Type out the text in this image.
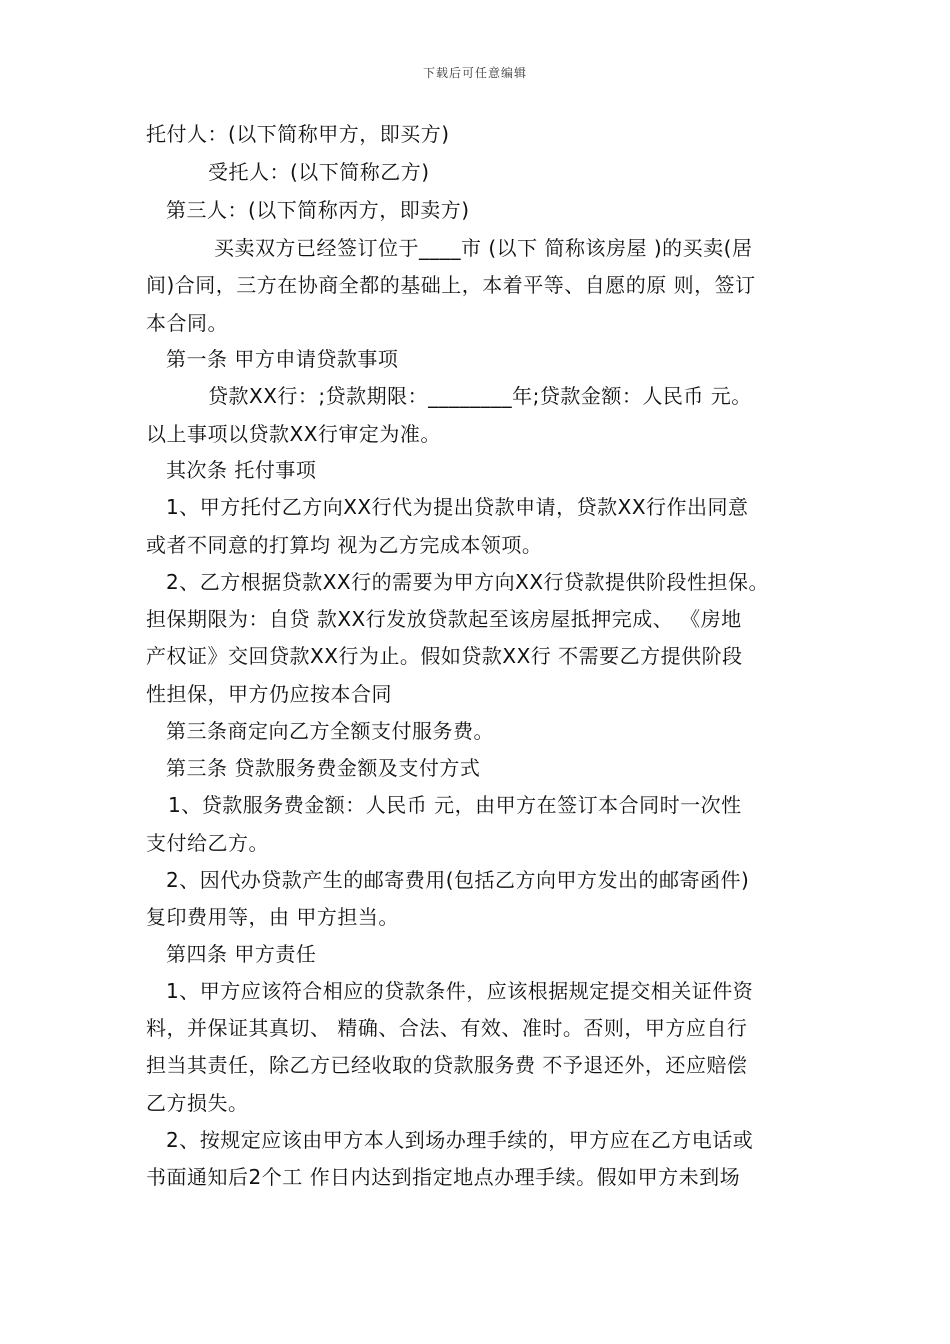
下载后可任意编辑
托付人：(以下简称甲方，即买方)
受托人：(以下简称乙方)
第三人：(以下简称丙方，即卖方)
买卖双方已经签订位于____市 (以下 简称该房屋 )的买卖(居
间)合同，三方在协商全都的基础上，本着平等、自愿的原 则，签订
本合同。
第一条 甲方申请贷款事项
贷款XX行：;贷款期限：________年;贷款金额：人民币 元。
以上事项以贷款XX行审定为准。
其次条 托付事项
1、甲方托付乙方向XX行代为提出贷款申请，贷款XX行作出同意
或者不同意的打算均 视为乙方完成本领项。
2、乙方根据贷款XX行的需要为甲方向XX行贷款提供阶段性担保。
担保期限为：自贷 款XX行发放贷款起至该房屋抵押完成、 《房地
产权证》交回贷款XX行为止。假如贷款XX行 不需要乙方提供阶段
性担保，甲方仍应按本合同
第三条商定向乙方全额支付服务费。
第三条 贷款服务费金额及支付方式
1、贷款服务费金额：人民币 元，由甲方在签订本合同时一次性
支付给乙方。
2、因代办贷款产生的邮寄费用(包括乙方向甲方发出的邮寄函件)
复印费用等，由 甲方担当。
第四条 甲方责任
1、甲方应该符合相应的贷款条件，应该根据规定提交相关证件资
料，并保证其真切、 精确、合法、有效、准时。否则，甲方应自行
担当其责任，除乙方已经收取的贷款服务费 不予退还外，还应赔偿
乙方损失。
2、按规定应该由甲方本人到场办理手续的，甲方应在乙方电话或
书面通知后2个工 作日内达到指定地点办理手续。假如甲方未到场
